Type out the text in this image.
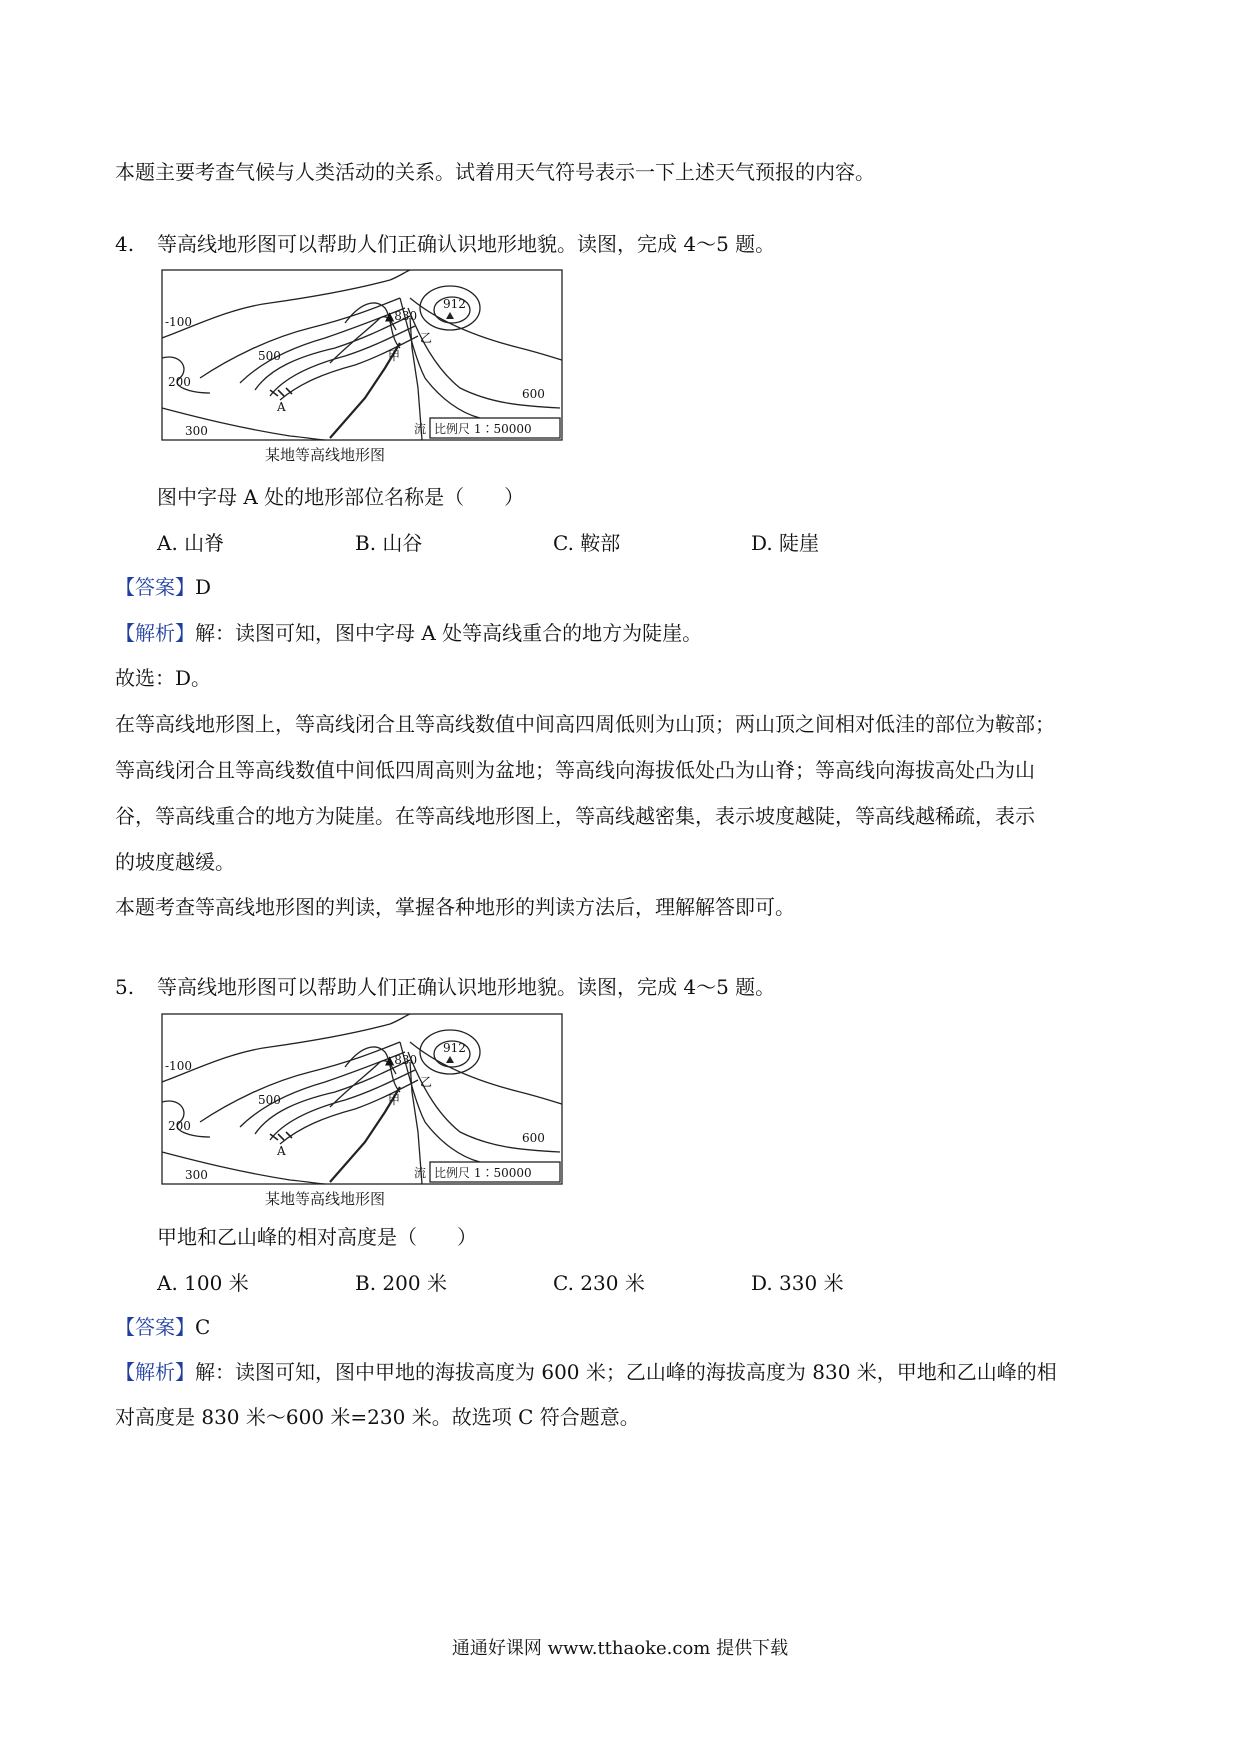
本题主要考查气候与人类活动的关系。试着用天气符号表示一下上述天气预报的内容。
4. 等高线地形图可以帮助人们正确认识地形地貌。读图，完成 4～5 题。
-100
200
300
500
600
▲830
912
甲
乙
A
流 比例尺 1∶50000
某地等高线地形图
图中字母 A 处的地形部位名称是（　　）
A. 山脊	B. 山谷	C. 鞍部	D. 陡崖
【答案】D
【解析】解：读图可知，图中字母 A 处等高线重合的地方为陡崖。
故选：D。
在等高线地形图上，等高线闭合且等高线数值中间高四周低则为山顶；两山顶之间相对低洼的部位为鞍部；
等高线闭合且等高线数值中间低四周高则为盆地；等高线向海拔低处凸为山脊；等高线向海拔高处凸为山
谷，等高线重合的地方为陡崖。在等高线地形图上，等高线越密集，表示坡度越陡，等高线越稀疏，表示
的坡度越缓。
本题考查等高线地形图的判读，掌握各种地形的判读方法后，理解解答即可。
5. 等高线地形图可以帮助人们正确认识地形地貌。读图，完成 4～5 题。
-100
200
300
500
600
▲830
912
甲
乙
A
流 比例尺 1∶50000
某地等高线地形图
甲地和乙山峰的相对高度是（　　）
A. 100 米	B. 200 米	C. 230 米	D. 330 米
【答案】C
【解析】解：读图可知，图中甲地的海拔高度为 600 米；乙山峰的海拔高度为 830 米，甲地和乙山峰的相
对高度是 830 米～600 米=230 米。故选项 C 符合题意。
通通好课网 www.tthaoke.com 提供下载
